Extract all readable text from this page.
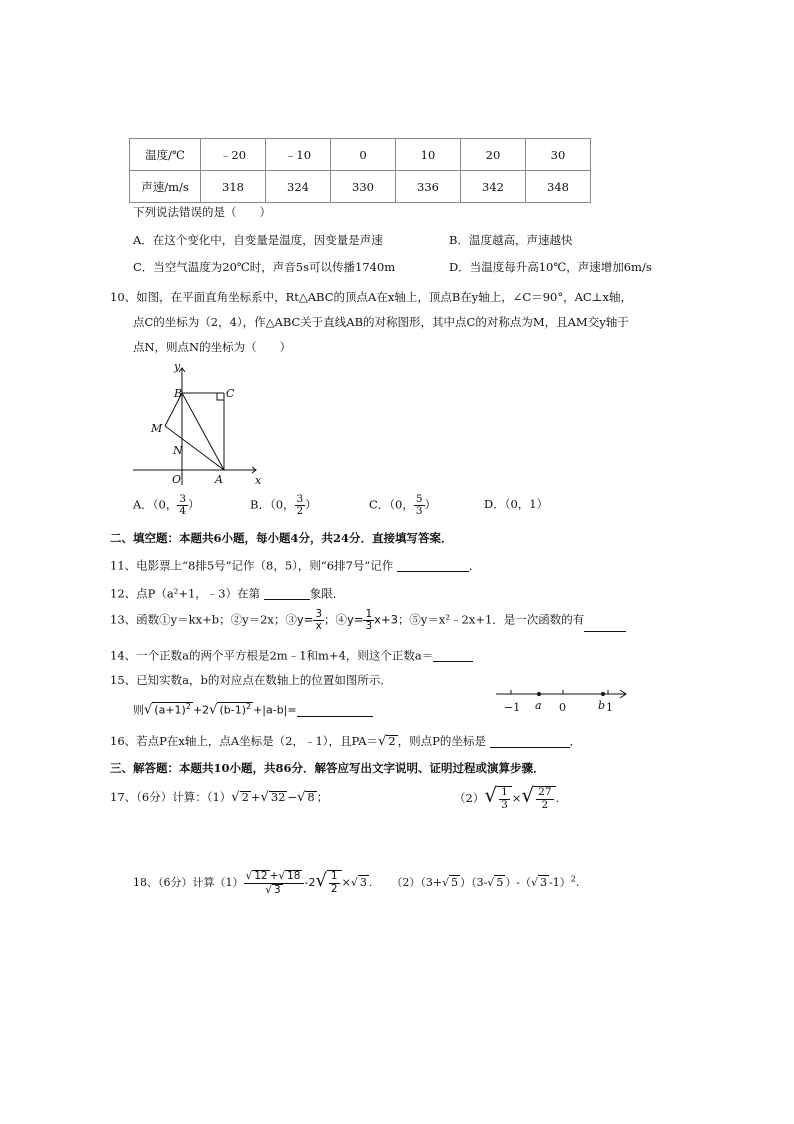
温度/℃	﹣20	﹣10	0	10	20	30
声速/m/s	318	324	330	336	342	348
下列说法错误的是（　　）
A．在这个变化中，自变量是温度，因变量是声速	B．温度越高，声速越快
C．当空气温度为20℃时，声音5s可以传播1740m	D．当温度每升高10℃，声速增加6m/s
10、如图，在平面直角坐标系中，Rt△ABC的顶点A在x轴上，顶点B在y轴上，∠C＝90°，AC⊥x轴，
点C的坐标为（2，4），作△ABC关于直线AB的对称图形，其中点C的对称点为M，且AM交y轴于
点N，则点N的坐标为（　　）
y
x
B	C
M
N
O	A
A．（0， $\frac{3}{4}$ ）	B．（0， $\frac{3}{2}$ ）	C．（0， $\frac{5}{3}$ ）	D．（0，1）
二、填空题：本题共6小题，每小题4分，共24分．直接填写答案．
11、电影票上“8排5号”记作（8，5），则“6排7号”记作	．
12、点P（a²+1，﹣3）在第	象限．
13、函数①y＝kx+b；②y＝2x；③y= $\frac{3}{x}$ ；④y= $\frac{1}{3} x+3$；⑤y＝x²﹣2x+1．是一次函数的有
14、一个正数a的两个平方根是2m﹣1和m+4，则这个正数a＝
15、已知实数a，b的对应点在数轴上的位置如图所示．
则√ $(a+1)^2 +2√$ $(b-1)^2 +|a-b|=$	−1 a 0	b 1
16、若点P在x轴上，点A坐标是（2，﹣1），且PA＝√ 2 ，则点P的坐标是	．
三、解答题：本题共10小题，共86分．解答应写出文字说明、证明过程或演算步骤．
17、（6分）计算：（1）√ 2 +√ 32 −√ 8 ；	$(2)√ \frac{1}{3}$ ×√ $\frac{27}{2}$ .
18、（6分）计算$(1) \frac{√ 12 +√ 18}{√ 3} -2√ \frac{1}{2}$ ×√ 3 . （2）（3+√ 5 ）（3-√ 5 ）-（√ 3 -1）$^2$.
